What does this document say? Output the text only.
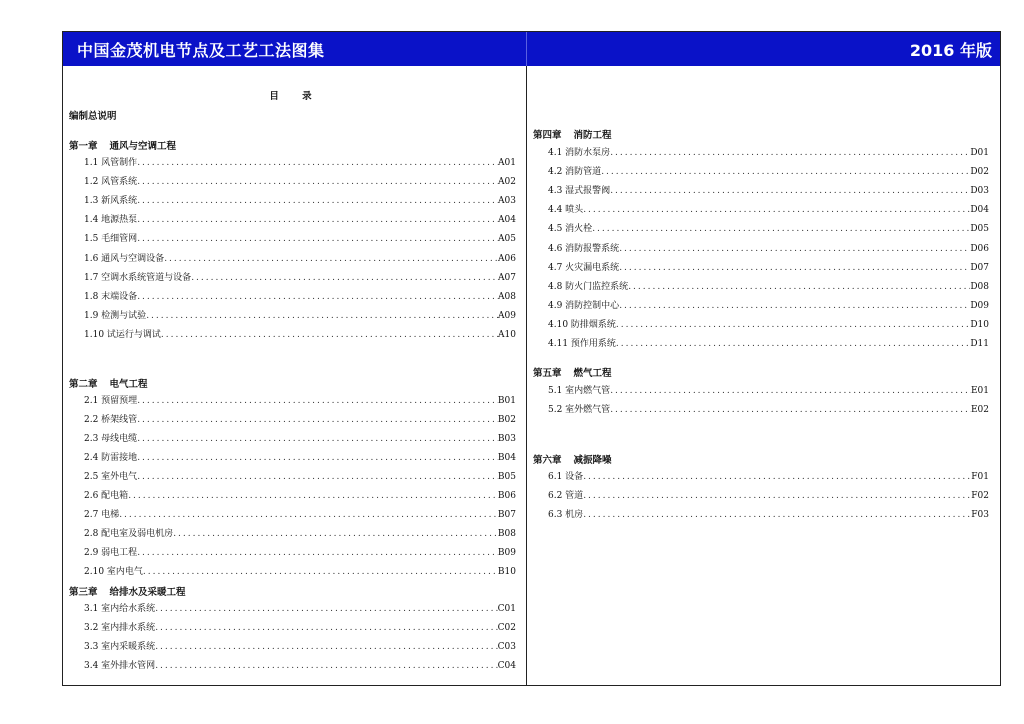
中国金茂机电节点及工艺工法图集	2016 年版
目 录
编制总说明
第一章 通风与空调工程
1.1 风管制作 .....	A01
1.2 风管系统 .....	A02
1.3 新风系统 .....	A03
1.4 地源热泵 .....	A04
1.5 毛细管网 .....	A05
1.6 通风与空调设备 .....	A06
1.7 空调水系统管道与设备 .....	A07
1.8 末端设备 .....	A08
1.9 检测与试验 .....	A09
1.10 试运行与调试 .....	A10
第二章 电气工程
2.1 预留预埋 .....	B01
2.2 桥架线管 .....	B02
2.3 母线电缆 .....	B03
2.4 防雷接地 .....	B04
2.5 室外电气 .....	B05
2.6 配电箱 .....	B06
2.7 电梯 .....	B07
2.8 配电室及弱电机房 .....	B08
2.9 弱电工程 .....	B09
2.10 室内电气 .....	B10
第三章 给排水及采暖工程
3.1 室内给水系统 .....	C01
3.2 室内排水系统 .....	C02
3.3 室内采暖系统 .....	C03
3.4 室外排水管网 .....	C04
第四章 消防工程
4.1 消防水泵房 .....	D01
4.2 消防管道 .....	D02
4.3 湿式报警阀 .....	D03
4.4 喷头 .....	D04
4.5 消火栓 .....	D05
4.6 消防报警系统 .....	D06
4.7 火灾漏电系统 .....	D07
4.8 防火门监控系统 .....	D08
4.9 消防控制中心 .....	D09
4.10 防排烟系统 .....	D10
4.11 预作用系统 .....	D11
第五章 燃气工程
5.1 室内燃气管 .....	E01
5.2 室外燃气管 .....	E02
第六章 减振降噪
6.1 设备 .....	F01
6.2 管道 .....	F02
6.3 机房 .....	F03
